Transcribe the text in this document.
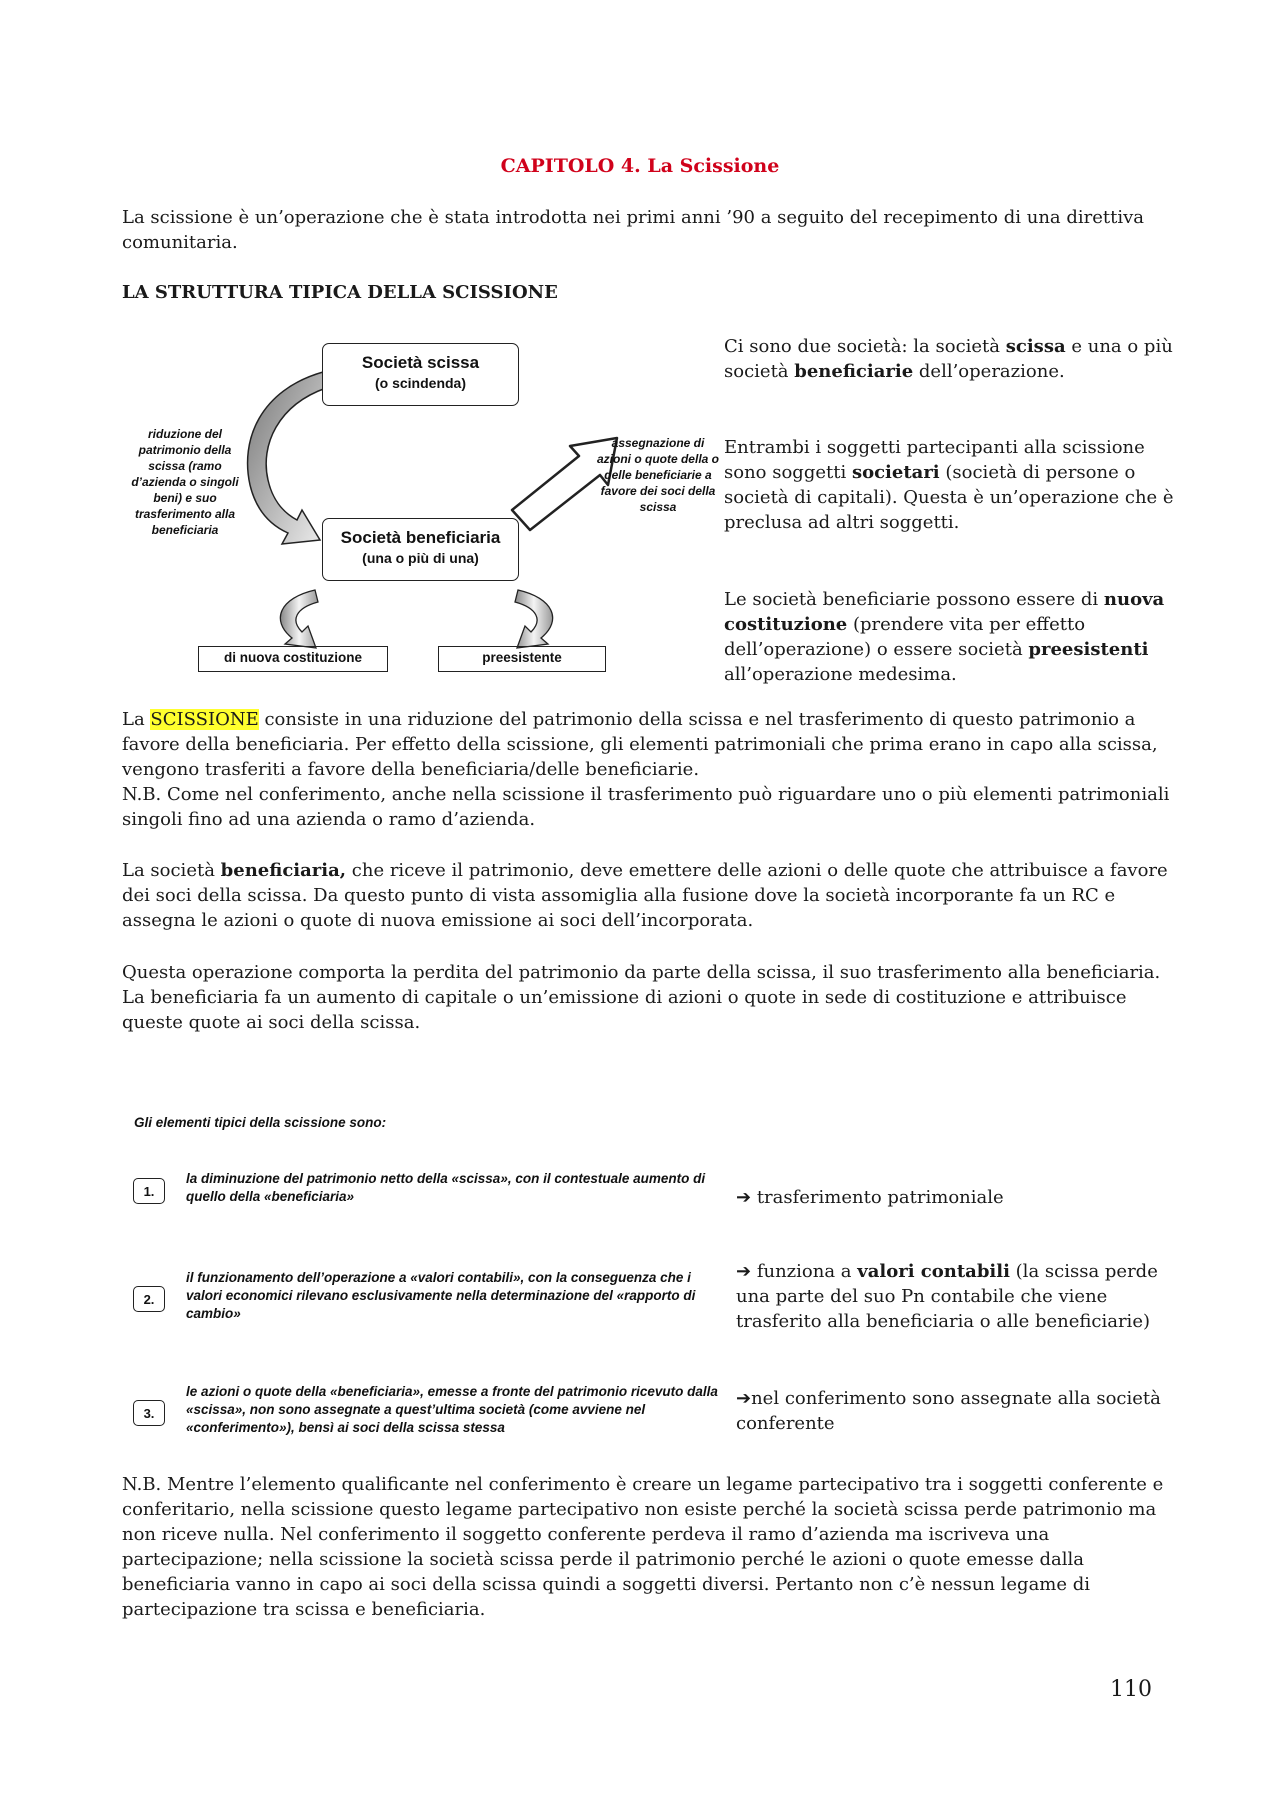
CAPITOLO 4. La Scissione
La scissione è un’operazione che è stata introdotta nei primi anni ’90 a seguito del recepimento di una direttiva comunitaria.
LA STRUTTURA TIPICA DELLA SCISSIONE
Società scissa
(o scindenda)
Società beneficiaria
(una o più di una)
riduzione del patrimonio della scissa (ramo d’azienda o singoli beni) e suo trasferimento alla beneficiaria
assegnazione di azioni o quote della o delle beneficiarie a favore dei soci della scissa
di nuova costituzione	preesistente
Ci sono due società: la società scissa e una o più società beneficiarie dell’operazione.
Entrambi i soggetti partecipanti alla scissione sono soggetti societari (società di persone o società di capitali). Questa è un’operazione che è preclusa ad altri soggetti.
Le società beneficiarie possono essere di nuova costituzione (prendere vita per effetto dell’operazione) o essere società preesistenti all’operazione medesima.
La SCISSIONE consiste in una riduzione del patrimonio della scissa e nel trasferimento di questo patrimonio a favore della beneficiaria. Per effetto della scissione, gli elementi patrimoniali che prima erano in capo alla scissa, vengono trasferiti a favore della beneficiaria/delle beneficiarie.
N.B. Come nel conferimento, anche nella scissione il trasferimento può riguardare uno o più elementi patrimoniali singoli fino ad una azienda o ramo d’azienda.
La società beneficiaria, che riceve il patrimonio, deve emettere delle azioni o delle quote che attribuisce a favore dei soci della scissa. Da questo punto di vista assomiglia alla fusione dove la società incorporante fa un RC e assegna le azioni o quote di nuova emissione ai soci dell’incorporata.
Questa operazione comporta la perdita del patrimonio da parte della scissa, il suo trasferimento alla beneficiaria. La beneficiaria fa un aumento di capitale o un’emissione di azioni o quote in sede di costituzione e attribuisce queste quote ai soci della scissa.
Gli elementi tipici della scissione sono:
1.
la diminuzione del patrimonio netto della «scissa», con il contestuale aumento di quello della «beneficiaria»	➔ trasferimento patrimoniale
2.
il funzionamento dell’operazione a «valori contabili», con la conseguenza che i valori economici rilevano esclusivamente nella determinazione del «rapporto di cambio»
➔ funziona a valori contabili (la scissa perde una parte del suo Pn contabile che viene trasferito alla beneficiaria o alle beneficiarie)
3.
le azioni o quote della «beneficiaria», emesse a fronte del patrimonio ricevuto dalla «scissa», non sono assegnate a quest’ultima società (come avviene nel «conferimento»), bensì ai soci della scissa stessa
➔nel conferimento sono assegnate alla società conferente
N.B. Mentre l’elemento qualificante nel conferimento è creare un legame partecipativo tra i soggetti conferente e conferitario, nella scissione questo legame partecipativo non esiste perché la società scissa perde patrimonio ma non riceve nulla. Nel conferimento il soggetto conferente perdeva il ramo d’azienda ma iscriveva una partecipazione; nella scissione la società scissa perde il patrimonio perché le azioni o quote emesse dalla beneficiaria vanno in capo ai soci della scissa quindi a soggetti diversi. Pertanto non c’è nessun legame di partecipazione tra scissa e beneficiaria.
110
